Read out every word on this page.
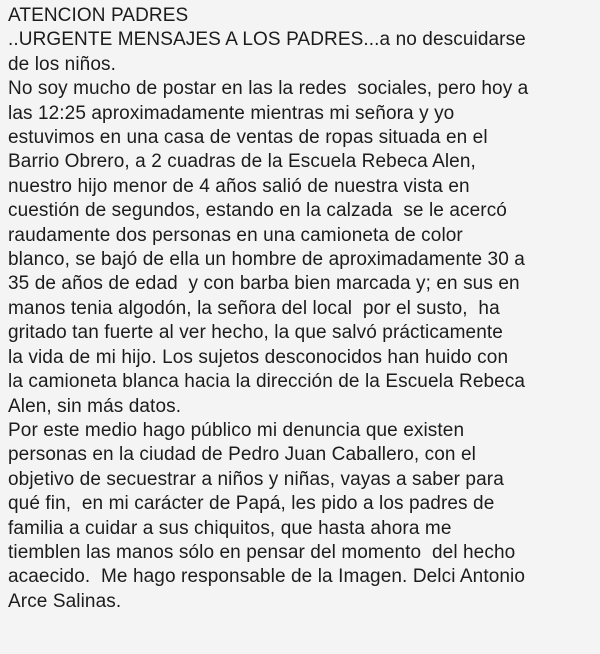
ATENCION PADRES
..URGENTE MENSAJES A LOS PADRES...a no descuidarse
de los niños.
No soy mucho de postar en las la redes  sociales, pero hoy a
las 12:25 aproximadamente mientras mi señora y yo
estuvimos en una casa de ventas de ropas situada en el
Barrio Obrero, a 2 cuadras de la Escuela Rebeca Alen,
nuestro hijo menor de 4 años salió de nuestra vista en
cuestión de segundos, estando en la calzada  se le acercó
raudamente dos personas en una camioneta de color
blanco, se bajó de ella un hombre de aproximadamente 30 a
35 de años de edad  y con barba bien marcada y; en sus en
manos tenia algodón, la señora del local  por el susto,  ha
gritado tan fuerte al ver hecho, la que salvó prácticamente
la vida de mi hijo. Los sujetos desconocidos han huido con
la camioneta blanca hacia la dirección de la Escuela Rebeca
Alen, sin más datos.
Por este medio hago público mi denuncia que existen
personas en la ciudad de Pedro Juan Caballero, con el
objetivo de secuestrar a niños y niñas, vayas a saber para
qué fin,  en mi carácter de Papá, les pido a los padres de
familia a cuidar a sus chiquitos, que hasta ahora me
tiemblen las manos sólo en pensar del momento  del hecho
acaecido.  Me hago responsable de la Imagen. Delci Antonio
Arce Salinas.
